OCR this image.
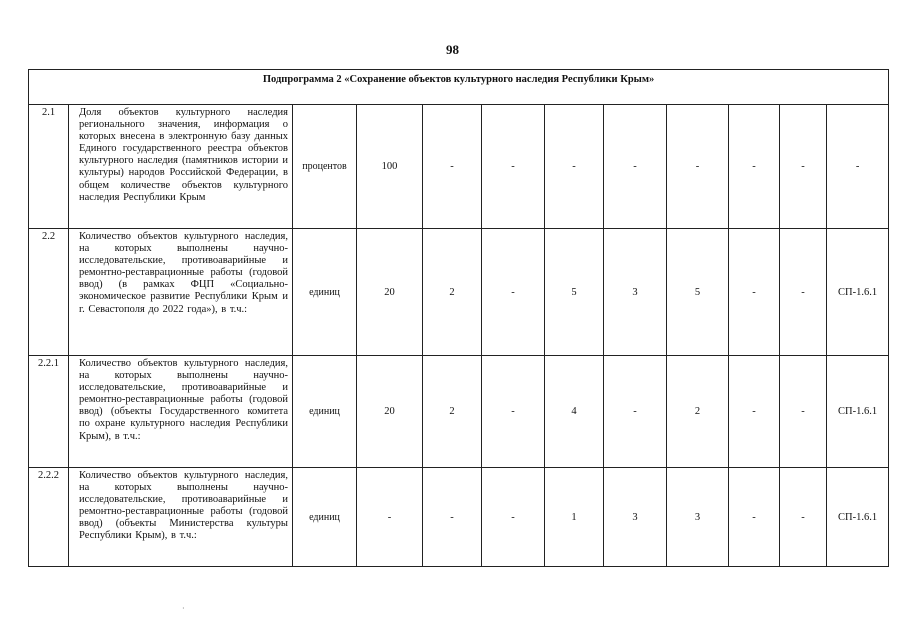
98
Подпрограмма 2 «Сохранение объектов культурного наследия Республики Крым»											
2.1	Доля объектов культурного наследия регионального значения, информация о которых внесена в электронную базу данных Единого государственного реестра объектов культурного наследия (памятников истории и культуры) народов Российской Федерации, в общем количестве объектов культурного наследия Республики Крым	процентов	100	-	-	-	-	-	-	-	-
2.2	Количество объектов культурного наследия, на которых выполнены научно-исследовательские, противоаварийные и ремонтно-реставрационные работы (годовой ввод) (в рамках ФЦП «Социально-экономическое развитие Республики Крым и г. Севастополя до 2022 года»), в т.ч.:	единиц	20	2	-	5	3	5	-	-	СП-1.6.1
2.2.1	Количество объектов культурного наследия, на которых выполнены научно-исследовательские, противоаварийные и ремонтно-реставрационные работы (годовой ввод) (объекты Государственного комитета по охране культурного наследия Республики Крым), в т.ч.:	единиц	20	2	-	4	-	2	-	-	СП-1.6.1
2.2.2	Количество объектов культурного наследия, на которых выполнены научно-исследовательские, противоаварийные и ремонтно-реставрационные работы (годовой ввод) (объекты Министерства культуры Республики Крым), в т.ч.:	единиц	-	-	-	1	3	3	-	-	СП-1.6.1
·
